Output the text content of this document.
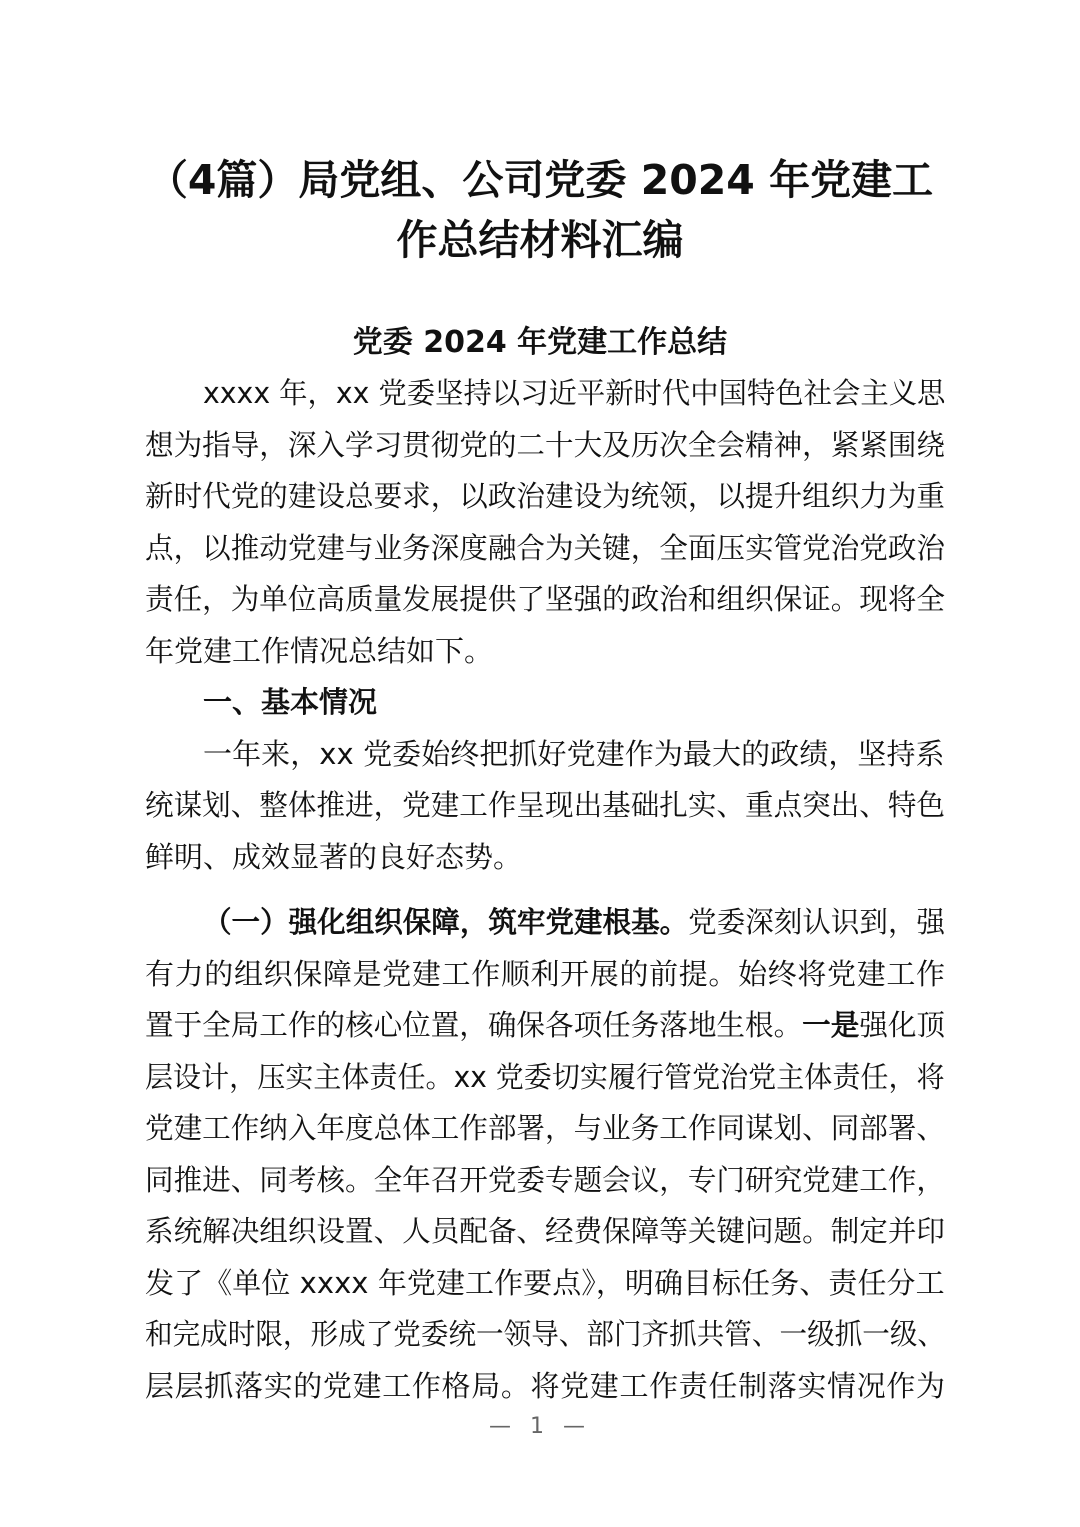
（4篇）局党组、公司党委 2024 年党建工
作总结材料汇编
党委 2024 年党建工作总结
xxxx 年，xx 党委坚持以习近平新时代中国特色社会主义思
想为指导，深入学习贯彻党的二十大及历次全会精神，紧紧围绕
新时代党的建设总要求，以政治建设为统领，以提升组织力为重
点，以推动党建与业务深度融合为关键，全面压实管党治党政治
责任，为单位高质量发展提供了坚强的政治和组织保证。现将全
年党建工作情况总结如下。
一、基本情况
一年来，xx 党委始终把抓好党建作为最大的政绩，坚持系
统谋划、整体推进，党建工作呈现出基础扎实、重点突出、特色
鲜明、成效显著的良好态势。
（一）强化组织保障，筑牢党建根基。党委深刻认识到，强
有力的组织保障是党建工作顺利开展的前提。始终将党建工作
置于全局工作的核心位置，确保各项任务落地生根。一是强化顶
层设计，压实主体责任。xx 党委切实履行管党治党主体责任，将
党建工作纳入年度总体工作部署，与业务工作同谋划、同部署、
同推进、同考核。全年召开党委专题会议，专门研究党建工作，
系统解决组织设置、人员配备、经费保障等关键问题。制定并印
发了《单位 xxxx 年党建工作要点》，明确目标任务、责任分工
和完成时限，形成了党委统一领导、部门齐抓共管、一级抓一级、
层层抓落实的党建工作格局。将党建工作责任制落实情况作为
— 1 —
